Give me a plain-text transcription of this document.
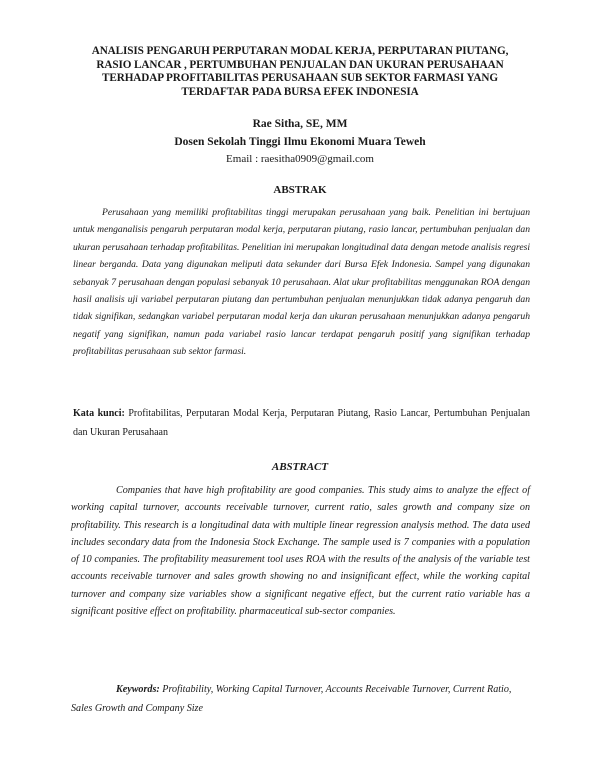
ANALISIS PENGARUH PERPUTARAN MODAL KERJA, PERPUTARAN PIUTANG,
RASIO LANCAR , PERTUMBUHAN PENJUALAN DAN UKURAN PERUSAHAAN
TERHADAP PROFITABILITAS PERUSAHAAN SUB SEKTOR FARMASI YANG
TERDAFTAR PADA BURSA EFEK INDONESIA
Rae Sitha, SE, MM
Dosen Sekolah Tinggi Ilmu Ekonomi Muara Teweh
Email : raesitha0909@gmail.com
ABSTRAK
Perusahaan yang memiliki profitabilitas tinggi merupakan perusahaan yang baik. Penelitian ini bertujuan untuk menganalisis pengaruh perputaran modal kerja, perputaran piutang, rasio lancar, pertumbuhan penjualan dan ukuran perusahaan terhadap profitabilitas. Penelitian ini merupakan longitudinal data dengan metode analisis regresi linear berganda. Data yang digunakan meliputi data sekunder dari Bursa Efek Indonesia. Sampel yang digunakan sebanyak 7 perusahaan dengan populasi sebanyak 10 perusahaan. Alat ukur profitabilitas menggunakan ROA dengan hasil analisis uji variabel perputaran piutang dan pertumbuhan penjualan menunjukkan tidak adanya pengaruh dan tidak signifikan, sedangkan variabel perputaran modal kerja dan ukuran perusahaan menunjukkan adanya pengaruh negatif yang signifikan, namun pada variabel rasio lancar terdapat pengaruh positif yang signifikan terhadap profitabilitas perusahaan sub sektor farmasi.
Kata kunci: Profitabilitas, Perputaran Modal Kerja, Perputaran Piutang, Rasio Lancar, Pertumbuhan Penjualan dan Ukuran Perusahaan
ABSTRACT
Companies that have high profitability are good companies. This study aims to analyze the effect of working capital turnover, accounts receivable turnover, current ratio, sales growth and company size on profitability. This research is a longitudinal data with multiple linear regression analysis method. The data used includes secondary data from the Indonesia Stock Exchange. The sample used is 7 companies with a population of 10 companies. The profitability measurement tool uses ROA with the results of the analysis of the variable test accounts receivable turnover and sales growth showing no and insignificant effect, while the working capital turnover and company size variables show a significant negative effect, but the current ratio variable has a significant positive effect on profitability. pharmaceutical sub-sector companies.
Keywords: Profitability, Working Capital Turnover, Accounts Receivable Turnover, Current Ratio, Sales Growth and Company Size
